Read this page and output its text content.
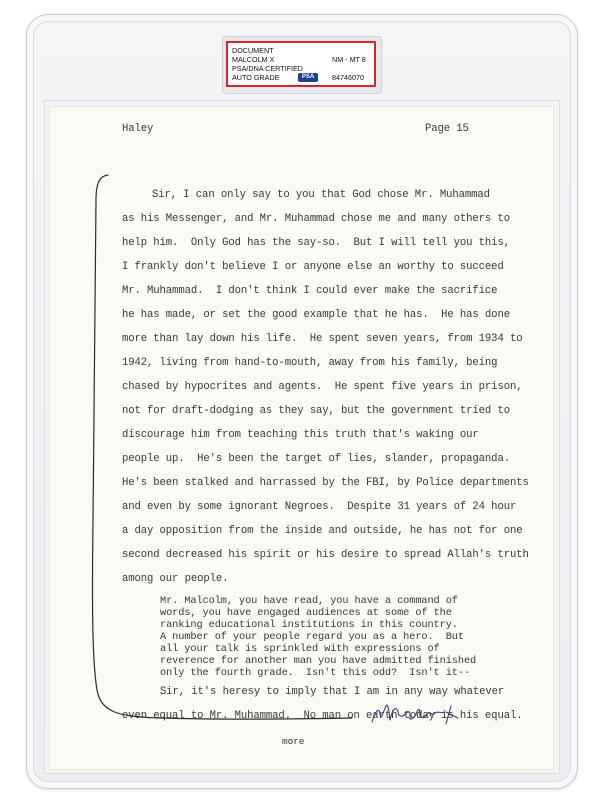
DOCUMENT
MALCOLM X
PSA/DNA CERTIFIED
AUTO GRADE
NM - MT 8
84746070
PSA
Haley	Page 15
Sir, I can only say to you that God chose Mr. Muhammad
as his Messenger, and Mr. Muhammad chose me and many others to
help him.  Only God has the say-so.  But I will tell you this,
I frankly don't believe I or anyone else an worthy to succeed
Mr. Muhammad.  I don't think I could ever make the sacrifice
he has made, or set the good example that he has.  He has done
more than lay down his life.  He spent seven years, from 1934 to
1942, living from hand-to-mouth, away from his family, being
chased by hypocrites and agents.  He spent five years in prison,
not for draft-dodging as they say, but the government tried to
discourage him from teaching this truth that's waking our
people up.  He's been the target of lies, slander, propaganda.
He's been stalked and harrassed by the FBI, by Police departments
and even by some ignorant Negroes.  Despite 31 years of 24 hour
a day opposition from the inside and outside, he has not for one
second decreased his spirit or his desire to spread Allah's truth
among our people.
Mr. Malcolm, you have read, you have a command of
words, you have engaged audiences at some of the
ranking educational institutions in this country.
A number of your people regard you as a hero.  But
all your talk is sprinkled with expressions of
reverence for another man you have admitted finished
only the fourth grade.  Isn't this odd?  Isn't it--
Sir, it's heresy to imply that I am in any way whatever
even equal to Mr. Muhammad.  No man on earth today is his equal.
more
